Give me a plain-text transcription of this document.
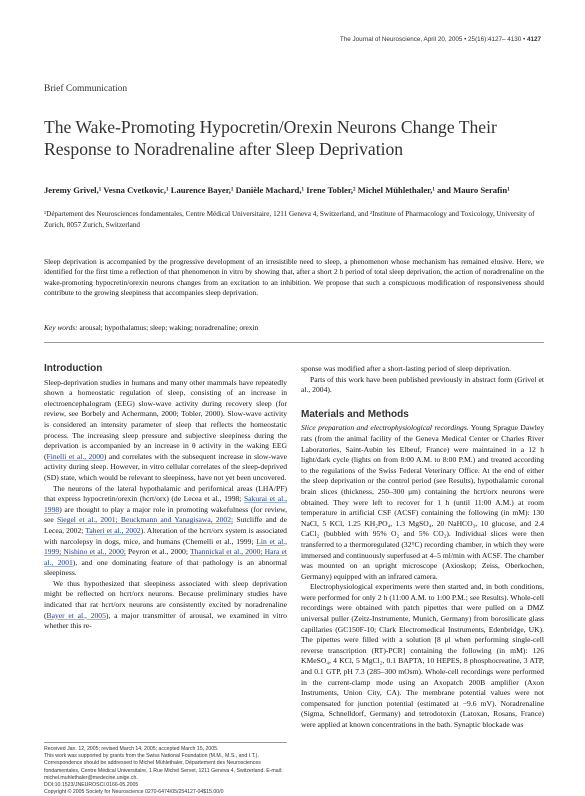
The Journal of Neuroscience, April 20, 2005 • 25(16):4127– 4130 • 4127
Brief Communication
The Wake-Promoting Hypocretin/Orexin Neurons Change Their Response to Noradrenaline after Sleep Deprivation
Jeremy Grivel,¹ Vesna Cvetkovic,¹ Laurence Bayer,¹ Danièle Machard,¹ Irene Tobler,² Michel Mühlethaler,¹ and Mauro Serafin¹
¹Département des Neurosciences fondamentales, Centre Médical Universitaire, 1211 Geneva 4, Switzerland, and ²Institute of Pharmacology and Toxicology, University of Zurich, 8057 Zurich, Switzerland
Sleep deprivation is accompanied by the progressive development of an irresistible need to sleep, a phenomenon whose mechanism has remained elusive. Here, we identified for the first time a reflection of that phenomenon in vitro by showing that, after a short 2 h period of total sleep deprivation, the action of noradrenaline on the wake-promoting hypocretin/orexin neurons changes from an excitation to an inhibition. We propose that such a conspicuous modification of responsiveness should contribute to the growing sleepiness that accompanies sleep deprivation.
Key words: arousal; hypothalamus; sleep; waking; noradrenaline; orexin
Introduction

Sleep-deprivation studies in humans and many other mammals have repeatedly shown a homeostatic regulation of sleep, consisting of an increase in electroencephalogram (EEG) slow-wave activity during recovery sleep (for review, see Borbely and Achermann, 2000; Tobler, 2000). Slow-wave activity is considered an intensity parameter of sleep that reflects the homeostatic process. The increasing sleep pressure and subjective sleepiness during the deprivation is accompanied by an increase in θ activity in the waking EEG (Finelli et al., 2000) and correlates with the subsequent increase in slow-wave activity during sleep. However, in vitro cellular correlates of the sleep-deprived (SD) state, which would be relevant to sleepiness, have not yet been uncovered.

The neurons of the lateral hypothalamic and perifornical areas (LHA/PF) that express hypocretin/orexin (hcrt/orx) (de Lecea et al., 1998; Sakurai et al., 1998) are thought to play a major role in promoting wakefulness (for review, see Siegel et al., 2001; Beuckmann and Yanagisawa, 2002; Sutcliffe and de Lecea, 2002; Taheri et al., 2002). Alteration of the hcrt/orx system is associated with narcolepsy in dogs, mice, and humans (Chemelli et al., 1999; Lin et al., 1999; Nishino et al., 2000; Peyron et al., 2000; Thannickal et al., 2000; Hara et al., 2001), and one dominating feature of that pathology is an abnormal sleepiness.

We thus hypothesized that sleepiness associated with sleep deprivation might be reflected on hcrt/orx neurons. Because preliminary studies have indicated that rat hcrt/orx neurons are consistently excited by noradrenaline (Bayer et al., 2005), a major transmitter of arousal, we examined in vitro whether this re-

Received Jan. 12, 2005; revised March 14, 2005; accepted March 15, 2005.
This work was supported by grants from the Swiss National Foundation (M.M., M.S., and I.T.).
Correspondence should be addressed to Michel Mühlethaler, Département des Neurosciences fondamentales, Centre Médical Universitaire, 1 Rue Michel Servet, 1211 Geneva 4, Switzerland. E-mail: michel.muhlethaler@medecine.unige.ch.
DOI:10.1523/JNEUROSCI.0166-05.2005
Copyright © 2005 Society for Neuroscience 0270-6474/05/254127-04$15.00/0

sponse was modified after a short-lasting period of sleep deprivation.

Parts of this work have been published previously in abstract form (Grivel et al., 2004).

Materials and Methods

Slice preparation and electrophysiological recordings. Young Sprague Dawley rats (from the animal facility of the Geneva Medical Center or Charles River Laboratories, Saint-Aubin les Elbeuf, France) were maintained in a 12 h light/dark cycle (lights on from 8:00 A.M. to 8:00 P.M.) and treated according to the regulations of the Swiss Federal Veterinary Office. At the end of either the sleep deprivation or the control period (see Results), hypothalamic coronal brain slices (thickness, 250–300 μm) containing the hcrt/orx neurons were obtained. They were left to recover for 1 h (until 11:00 A.M.) at room temperature in artificial CSF (ACSF) containing the following (in mM): 130 NaCl, 5 KCl, 1.25 KH₂PO₄, 1.3 MgSO₄, 20 NaHCO₃, 10 glucose, and 2.4 CaCl₂ (bubbled with 95% O₂ and 5% CO₂). Individual slices were then transferred to a thermoregulated (32°C) recording chamber, in which they were immersed and continuously superfused at 4–5 ml/min with ACSF. The chamber was mounted on an upright microscope (Axioskop; Zeiss, Oberkochen, Germany) equipped with an infrared camera.

Electrophysiological experiments were then started and, in both conditions, were performed for only 2 h (11:00 A.M. to 1:00 P.M.; see Results). Whole-cell recordings were obtained with patch pipettes that were pulled on a DMZ universal puller (Zeitz-Instrumente, Munich, Germany) from borosilicate glass capillaries (GC150F-10; Clark Electromedical Instruments, Edenbridge, UK). The pipettes were filled with a solution [8 μl when performing single-cell reverse transcription (RT)-PCR] containing the following (in mM): 126 KMeSO₄, 4 KCl, 5 MgCl₂, 0.1 BAPTA, 10 HEPES, 8 phosphocreatine, 3 ATP, and 0.1 GTP, pH 7.3 (285–300 mOsm). Whole-cell recordings were performed in the current-clamp mode using an Axopatch 200B amplifier (Axon Instruments, Union City, CA). The membrane potential values were not compensated for junction potential (estimated at −9.6 mV). Noradrenaline (Sigma, Schnelldorf, Germany) and tetrodotoxin (Latoxan, Rosans, France) were applied at known concentrations in the bath. Synaptic blockade was
